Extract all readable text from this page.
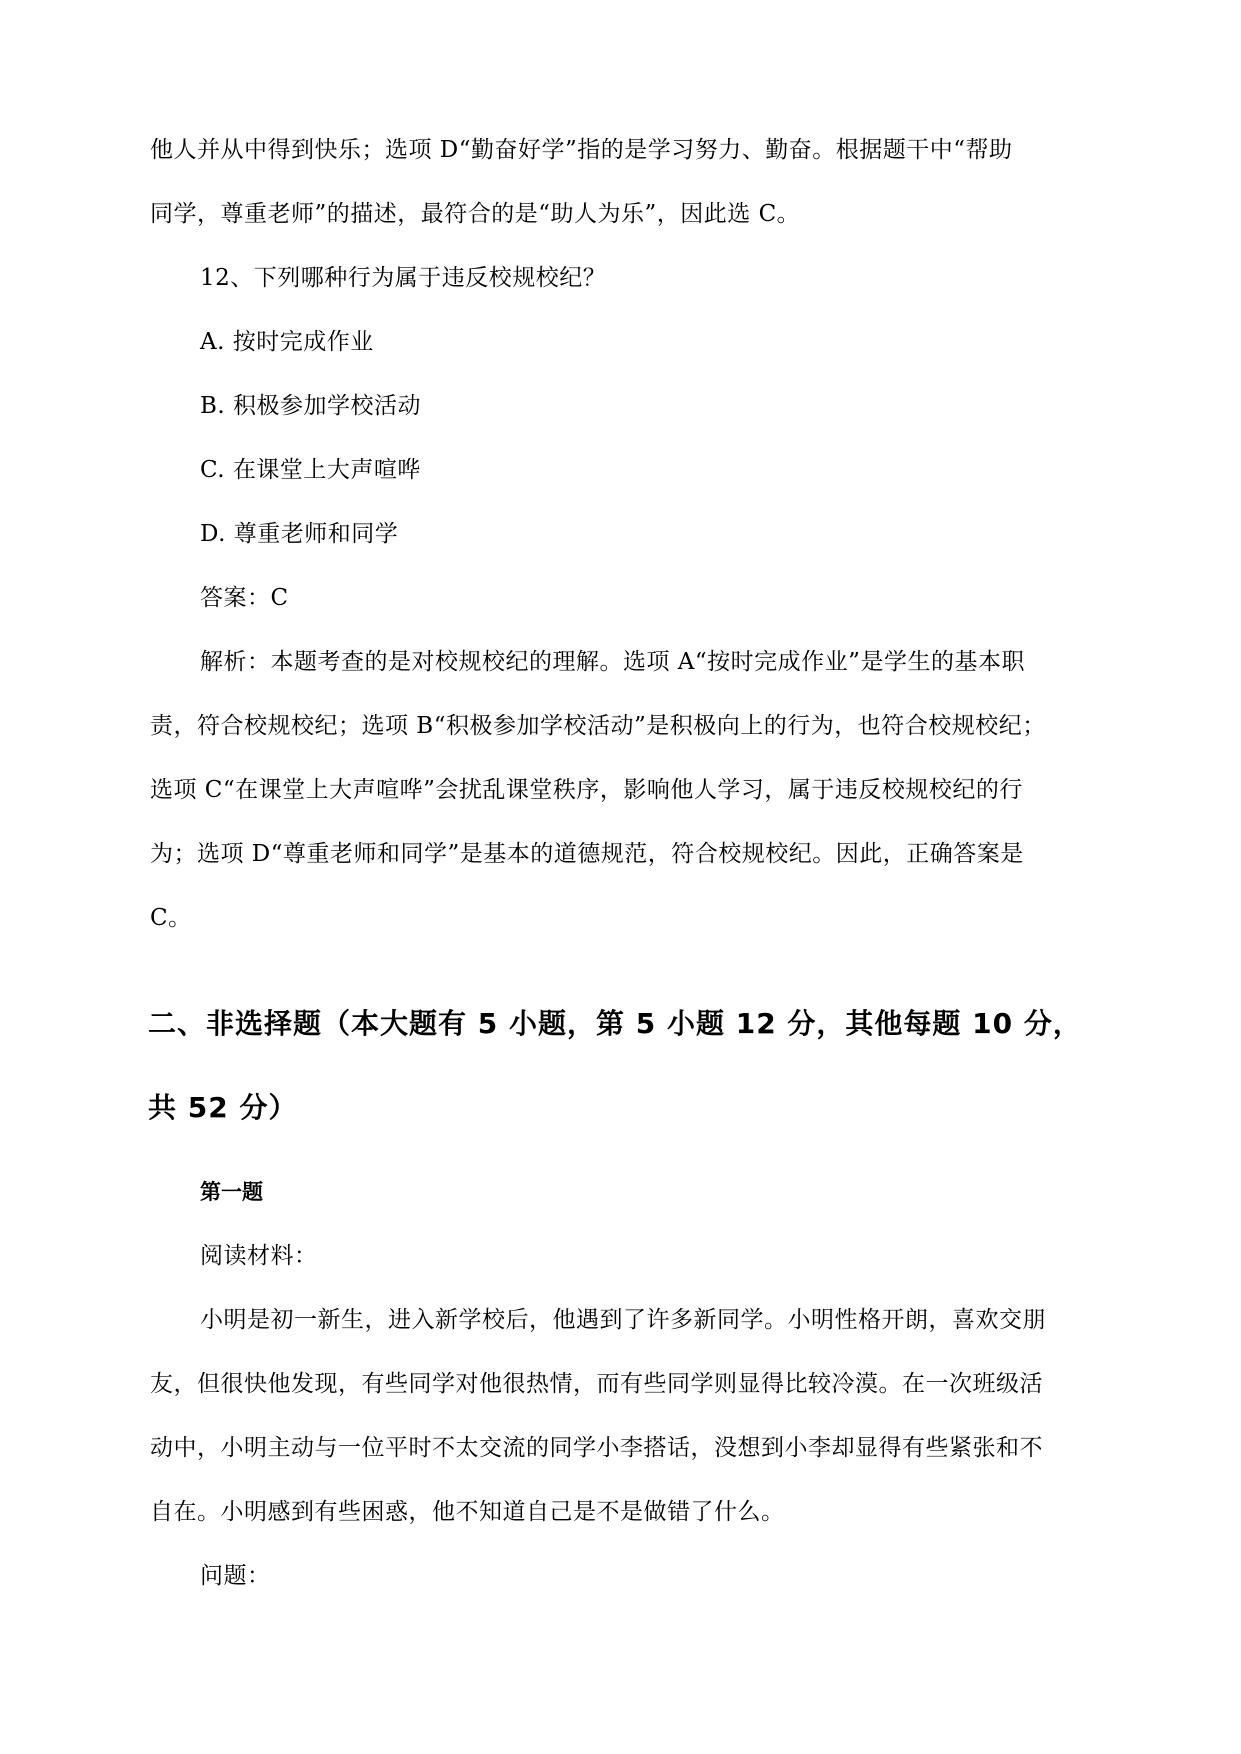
他人并从中得到快乐；选项 D“勤奋好学”指的是学习努力、勤奋。根据题干中“帮助
同学，尊重老师”的描述，最符合的是“助人为乐”，因此选 C。
12、下列哪种行为属于违反校规校纪？
A. 按时完成作业
B. 积极参加学校活动
C. 在课堂上大声喧哗
D. 尊重老师和同学
答案：C
解析：本题考查的是对校规校纪的理解。选项 A“按时完成作业”是学生的基本职
责，符合校规校纪；选项 B“积极参加学校活动”是积极向上的行为，也符合校规校纪；
选项 C“在课堂上大声喧哗”会扰乱课堂秩序，影响他人学习，属于违反校规校纪的行
为；选项 D“尊重老师和同学”是基本的道德规范，符合校规校纪。因此，正确答案是
C。
二、非选择题（本大题有 5 小题，第 5 小题 12 分，其他每题 10 分，
共 52 分）
第一题
阅读材料：
小明是初一新生，进入新学校后，他遇到了许多新同学。小明性格开朗，喜欢交朋
友，但很快他发现，有些同学对他很热情，而有些同学则显得比较冷漠。在一次班级活
动中，小明主动与一位平时不太交流的同学小李搭话，没想到小李却显得有些紧张和不
自在。小明感到有些困惑，他不知道自己是不是做错了什么。
问题：
